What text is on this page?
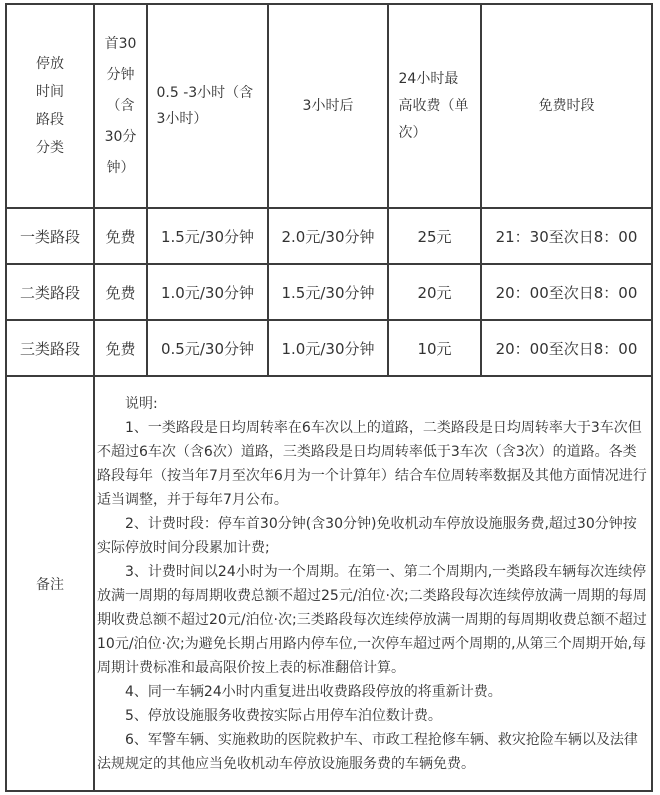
停放时间路段分类	首30分钟（含30分钟）	0.5 -3小时（含3小时）	3小时后	24小时最高收费（单次）	免费时段
一类路段	免费	1.5元/30分钟	2.0元/30分钟	25元	21：30至次日8：00
二类路段	免费	1.0元/30分钟	1.5元/30分钟	20元	20：00至次日8：00
三类路段	免费	0.5元/30分钟	1.0元/30分钟	10元	20：00至次日8：00
备注	

说明:

1、一类路段是日均周转率在6车次以上的道路，二类路段是日均周转率大于3车次但不超过6车次（含6次）道路，三类路段是日均周转率低于3车次（含3次）的道路。各类路段每年（按当年7月至次年6月为一个计算年）结合车位周转率数据及其他方面情况进行适当调整，并于每年7月公布。

2、计费时段：停车首30分钟(含30分钟)免收机动车停放设施服务费,超过30分钟按实际停放时间分段累加计费;

3、计费时间以24小时为一个周期。在第一、第二个周期内,一类路段车辆每次连续停放满一周期的每周期收费总额不超过25元/泊位·次;二类路段每次连续停放满一周期的每周期收费总额不超过20元/泊位·次;三类路段每次连续停放满一周期的每周期收费总额不超过10元/泊位·次;为避免长期占用路内停车位,一次停车超过两个周期的,从第三个周期开始,每周期计费标准和最高限价按上表的标准翻倍计算。

4、同一车辆24小时内重复进出收费路段停放的将重新计费。

5、停放设施服务收费按实际占用停车泊位数计费。

6、军警车辆、实施救助的医院救护车、市政工程抢修车辆、救灾抢险车辆以及法律法规规定的其他应当免收机动车停放设施服务费的车辆免费。
